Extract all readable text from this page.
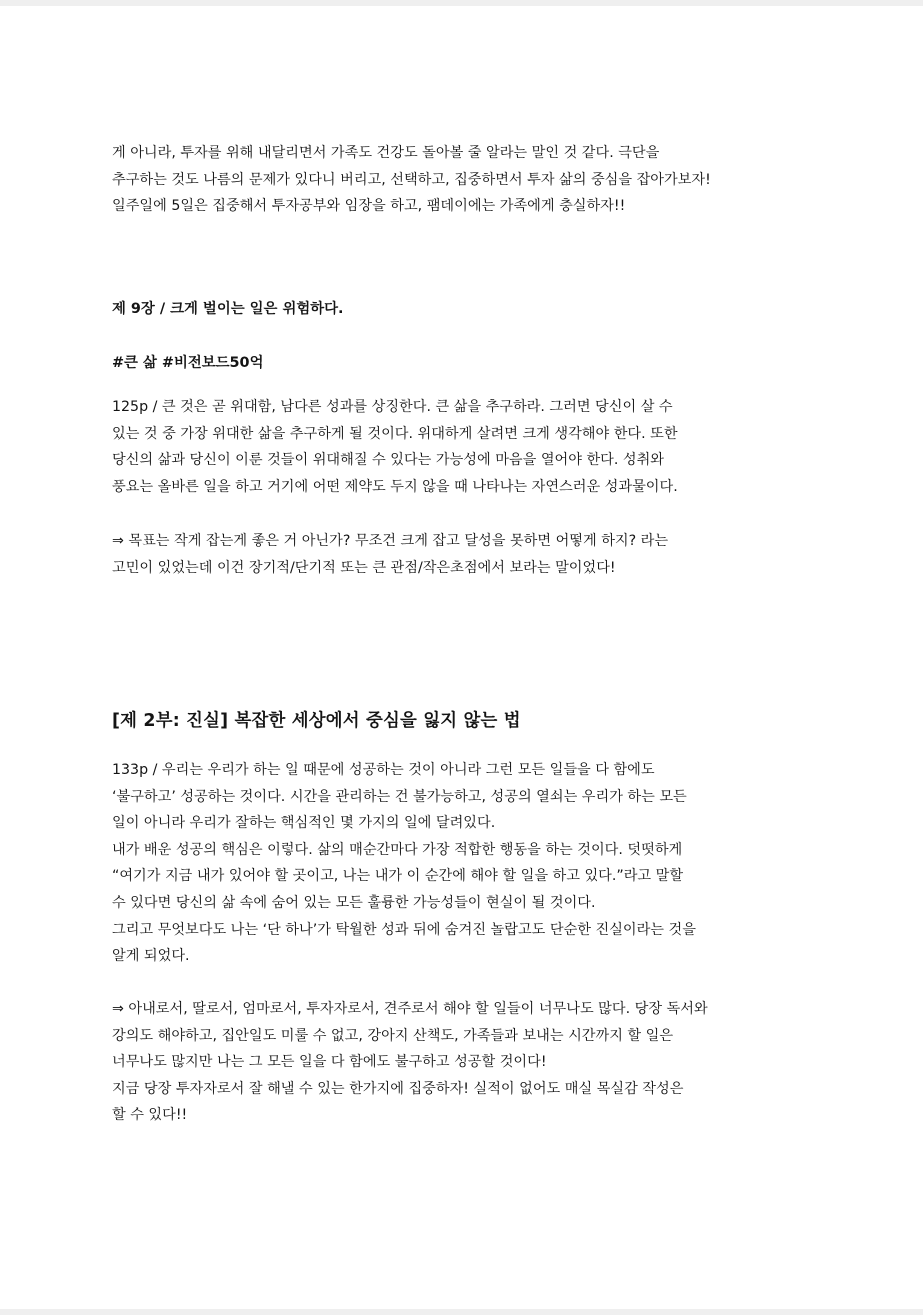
게 아니라, 투자를 위해 내달리면서 가족도 건강도 돌아볼 줄 알라는 말인 것 같다. 극단을
추구하는 것도 나름의 문제가 있다니 버리고, 선택하고, 집중하면서 투자 삶의 중심을 잡아가보자!
일주일에 5일은 집중해서 투자공부와 임장을 하고, 팸데이에는 가족에게 충실하자!!
제 9장 / 크게 벌이는 일은 위험하다.
#큰 삶 #비전보드50억
125p / 큰 것은 곧 위대함, 남다른 성과를 상징한다. 큰 삶을 추구하라. 그러면 당신이 살 수
있는 것 중 가장 위대한 삶을 추구하게 될 것이다. 위대하게 살려면 크게 생각해야 한다. 또한
당신의 삶과 당신이 이룬 것들이 위대해질 수 있다는 가능성에 마음을 열어야 한다. 성취와
풍요는 올바른 일을 하고 거기에 어떤 제약도 두지 않을 때 나타나는 자연스러운 성과물이다.
⇒ 목표는 작게 잡는게 좋은 거 아닌가? 무조건 크게 잡고 달성을 못하면 어떻게 하지? 라는
고민이 있었는데 이건 장기적/단기적 또는 큰 관점/작은초점에서 보라는 말이었다!
[제 2부: 진실] 복잡한 세상에서 중심을 잃지 않는 법
133p / 우리는 우리가 하는 일 때문에 성공하는 것이 아니라 그런 모든 일들을 다 함에도
‘불구하고’ 성공하는 것이다. 시간을 관리하는 건 불가능하고, 성공의 열쇠는 우리가 하는 모든
일이 아니라 우리가 잘하는 핵심적인 몇 가지의 일에 달려있다.
내가 배운 성공의 핵심은 이렇다. 삶의 매순간마다 가장 적합한 행동을 하는 것이다. 덧떳하게
“여기가 지금 내가 있어야 할 곳이고, 나는 내가 이 순간에 해야 할 일을 하고 있다.”라고 말할
수 있다면 당신의 삶 속에 숨어 있는 모든 훌륭한 가능성들이 현실이 될 것이다.
그리고 무엇보다도 나는 ‘단 하나’가 탁월한 성과 뒤에 숨겨진 놀랍고도 단순한 진실이라는 것을
알게 되었다.
⇒ 아내로서, 딸로서, 엄마로서, 투자자로서, 견주로서 해야 할 일들이 너무나도 많다. 당장 독서와
강의도 해야하고, 집안일도 미룰 수 없고, 강아지 산책도, 가족들과 보내는 시간까지 할 일은
너무나도 많지만 나는 그 모든 일을 다 함에도 불구하고 성공할 것이다!
지금 당장 투자자로서 잘 해낼 수 있는 한가지에 집중하자! 실적이 없어도 매실 목실감 작성은
할 수 있다!!
